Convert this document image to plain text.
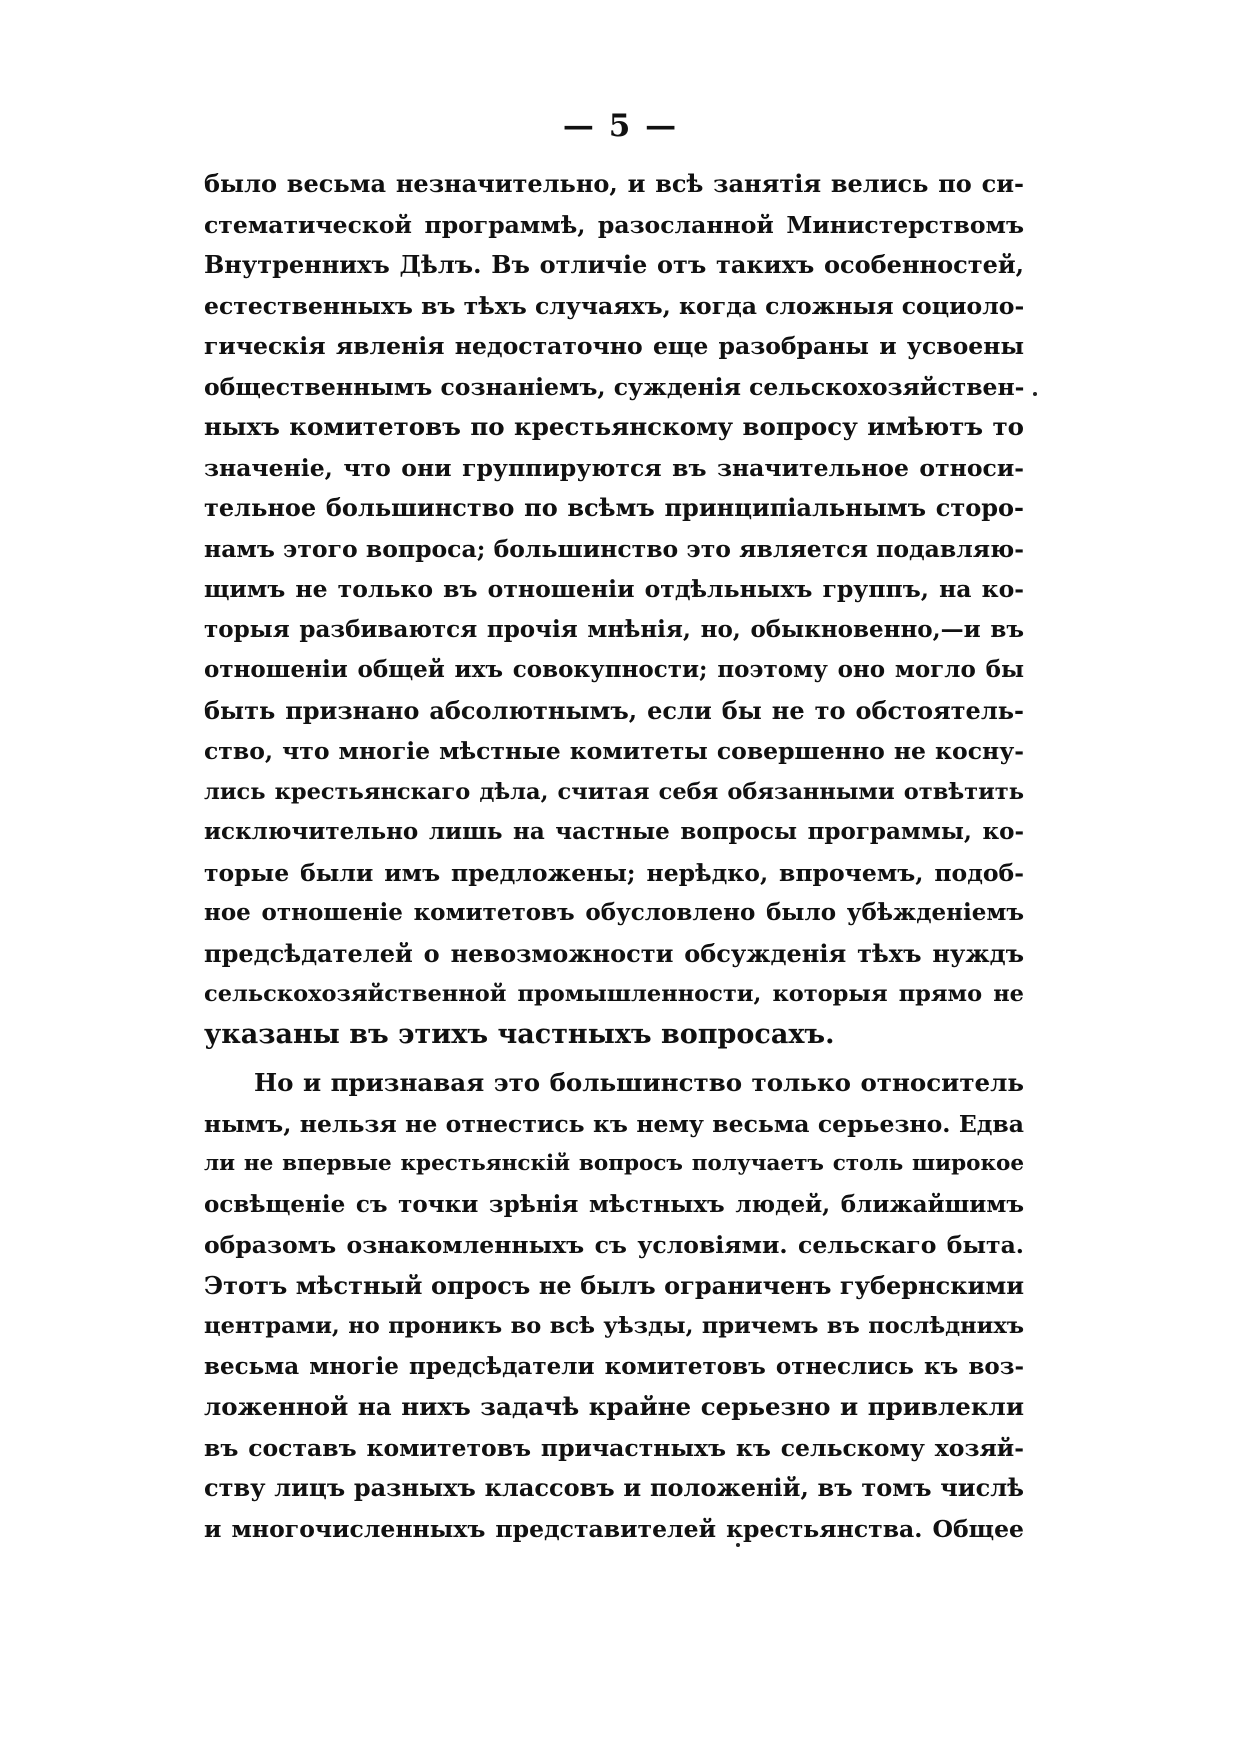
— 5 —

было весьма незначительно, и всѣ занятія велись по си-
стематической программѣ, разосланной Министерствомъ
Внутреннихъ Дѣлъ. Въ отличіе отъ такихъ особенностей,
естественныхъ въ тѣхъ случаяхъ, когда сложныя социоло-
гическія явленія недостаточно еще разобраны и усвоены
общественнымъ сознаніемъ, сужденія сельскохозяйствен-
ныхъ комитетовъ по крестьянскому вопросу имѣютъ то
значеніе, что они группируются въ значительное относи-
тельное большинство по всѣмъ принципіальнымъ сторо-
намъ этого вопроса; большинство это является подавляю-
щимъ не только въ отношеніи отдѣльныхъ группъ, на ко-
торыя разбиваются прочія мнѣнія, но, обыкновенно,—и въ
отношеніи общей ихъ совокупности; поэтому оно могло бы
быть признано абсолютнымъ, если бы не то обстоятель-
ство, что многіе мѣстные комитеты совершенно не косну-
лись крестьянскаго дѣла, считая себя обязанными отвѣтить
исключительно лишь на частные вопросы программы, ко-
торые были имъ предложены; нерѣдко, впрочемъ, подоб-
ное отношеніе комитетовъ обусловлено было убѣжденіемъ
предсѣдателей о невозможности обсужденія тѣхъ нуждъ
сельскохозяйственной промышленности, которыя прямо не
указаны въ этихъ частныхъ вопросахъ.
Но и признавая это большинство только относитель
нымъ, нельзя не отнестись къ нему весьма серьезно. Едва
ли не впервые крестьянскій вопросъ получаетъ столь широкое
освѣщеніе съ точки зрѣнія мѣстныхъ людей, ближайшимъ
образомъ ознакомленныхъ съ условіями. сельскаго быта.
Этотъ мѣстный опросъ не былъ ограниченъ губернскими
центрами, но проникъ во всѣ уѣзды, причемъ въ послѣднихъ
весьма многіе предсѣдатели комитетовъ отнеслись къ воз-
ложенной на нихъ задачѣ крайне серьезно и привлекли
въ составъ комитетовъ причастныхъ къ сельскому хозяй-
ству лицъ разныхъ классовъ и положеній, въ томъ числѣ
и многочисленныхъ представителей крестьянства. Общее
